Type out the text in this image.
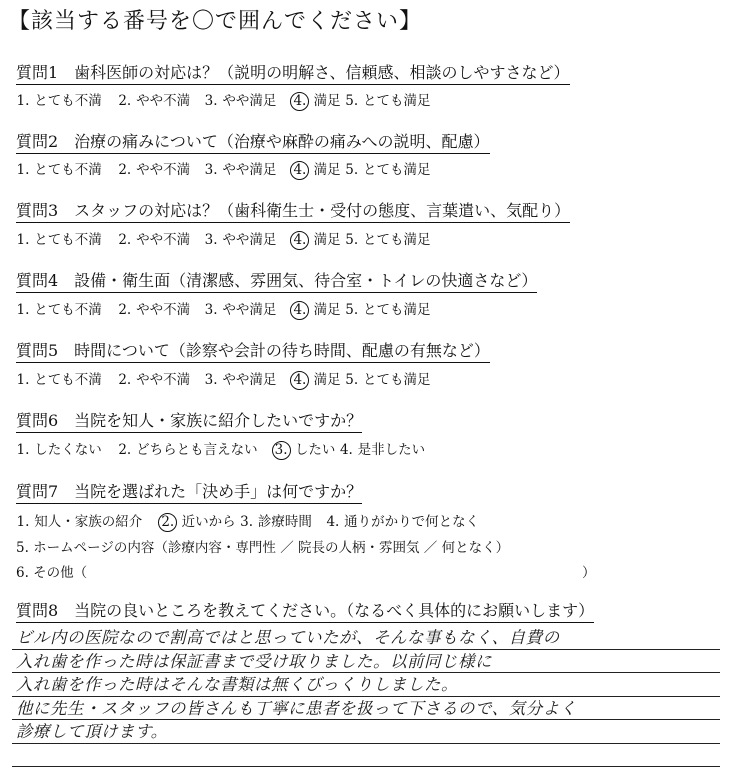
【該当する番号を〇で囲んでください】
質問1　歯科医師の対応は？（説明の明解さ、信頼感、相談のしやすさなど）
1. とても不満 2. やや不満 3. やや満足 4. 満足 5. とても満足
質問2　治療の痛みについて（治療や麻酔の痛みへの説明、配慮）
1. とても不満 2. やや不満 3. やや満足 4. 満足 5. とても満足
質問3　スタッフの対応は？（歯科衛生士・受付の態度、言葉遣い、気配り）
1. とても不満 2. やや不満 3. やや満足 4. 満足 5. とても満足
質問4　設備・衛生面（清潔感、雰囲気、待合室・トイレの快適さなど）
1. とても不満 2. やや不満 3. やや満足 4. 満足 5. とても満足
質問5　時間について（診察や会計の待ち時間、配慮の有無など）
1. とても不満 2. やや不満 3. やや満足 4. 満足 5. とても満足
質問6　当院を知人・家族に紹介したいですか？
1. したくない 2. どちらとも言えない 3. したい 4. 是非したい
質問7　当院を選ばれた「決め手」は何ですか？
1. 知人・家族の紹介 2. 近いから 3. 診療時間 4. 通りがかりで何となく
5. ホームページの内容（診療内容・専門性 ／ 院長の人柄・雰囲気 ／ 何となく）
6. その他（	）
質問8　当院の良いところを教えてください。（なるべく具体的にお願いします）
ビル内の医院なので割高ではと思っていたが、そんな事もなく、自費の
入れ歯を作った時は保証書まで受け取りました。以前同じ様に
入れ歯を作った時はそんな書類は無くびっくりしました。
他に先生・スタッフの皆さんも丁寧に患者を扱って下さるので、気分よく
診療して頂けます。
